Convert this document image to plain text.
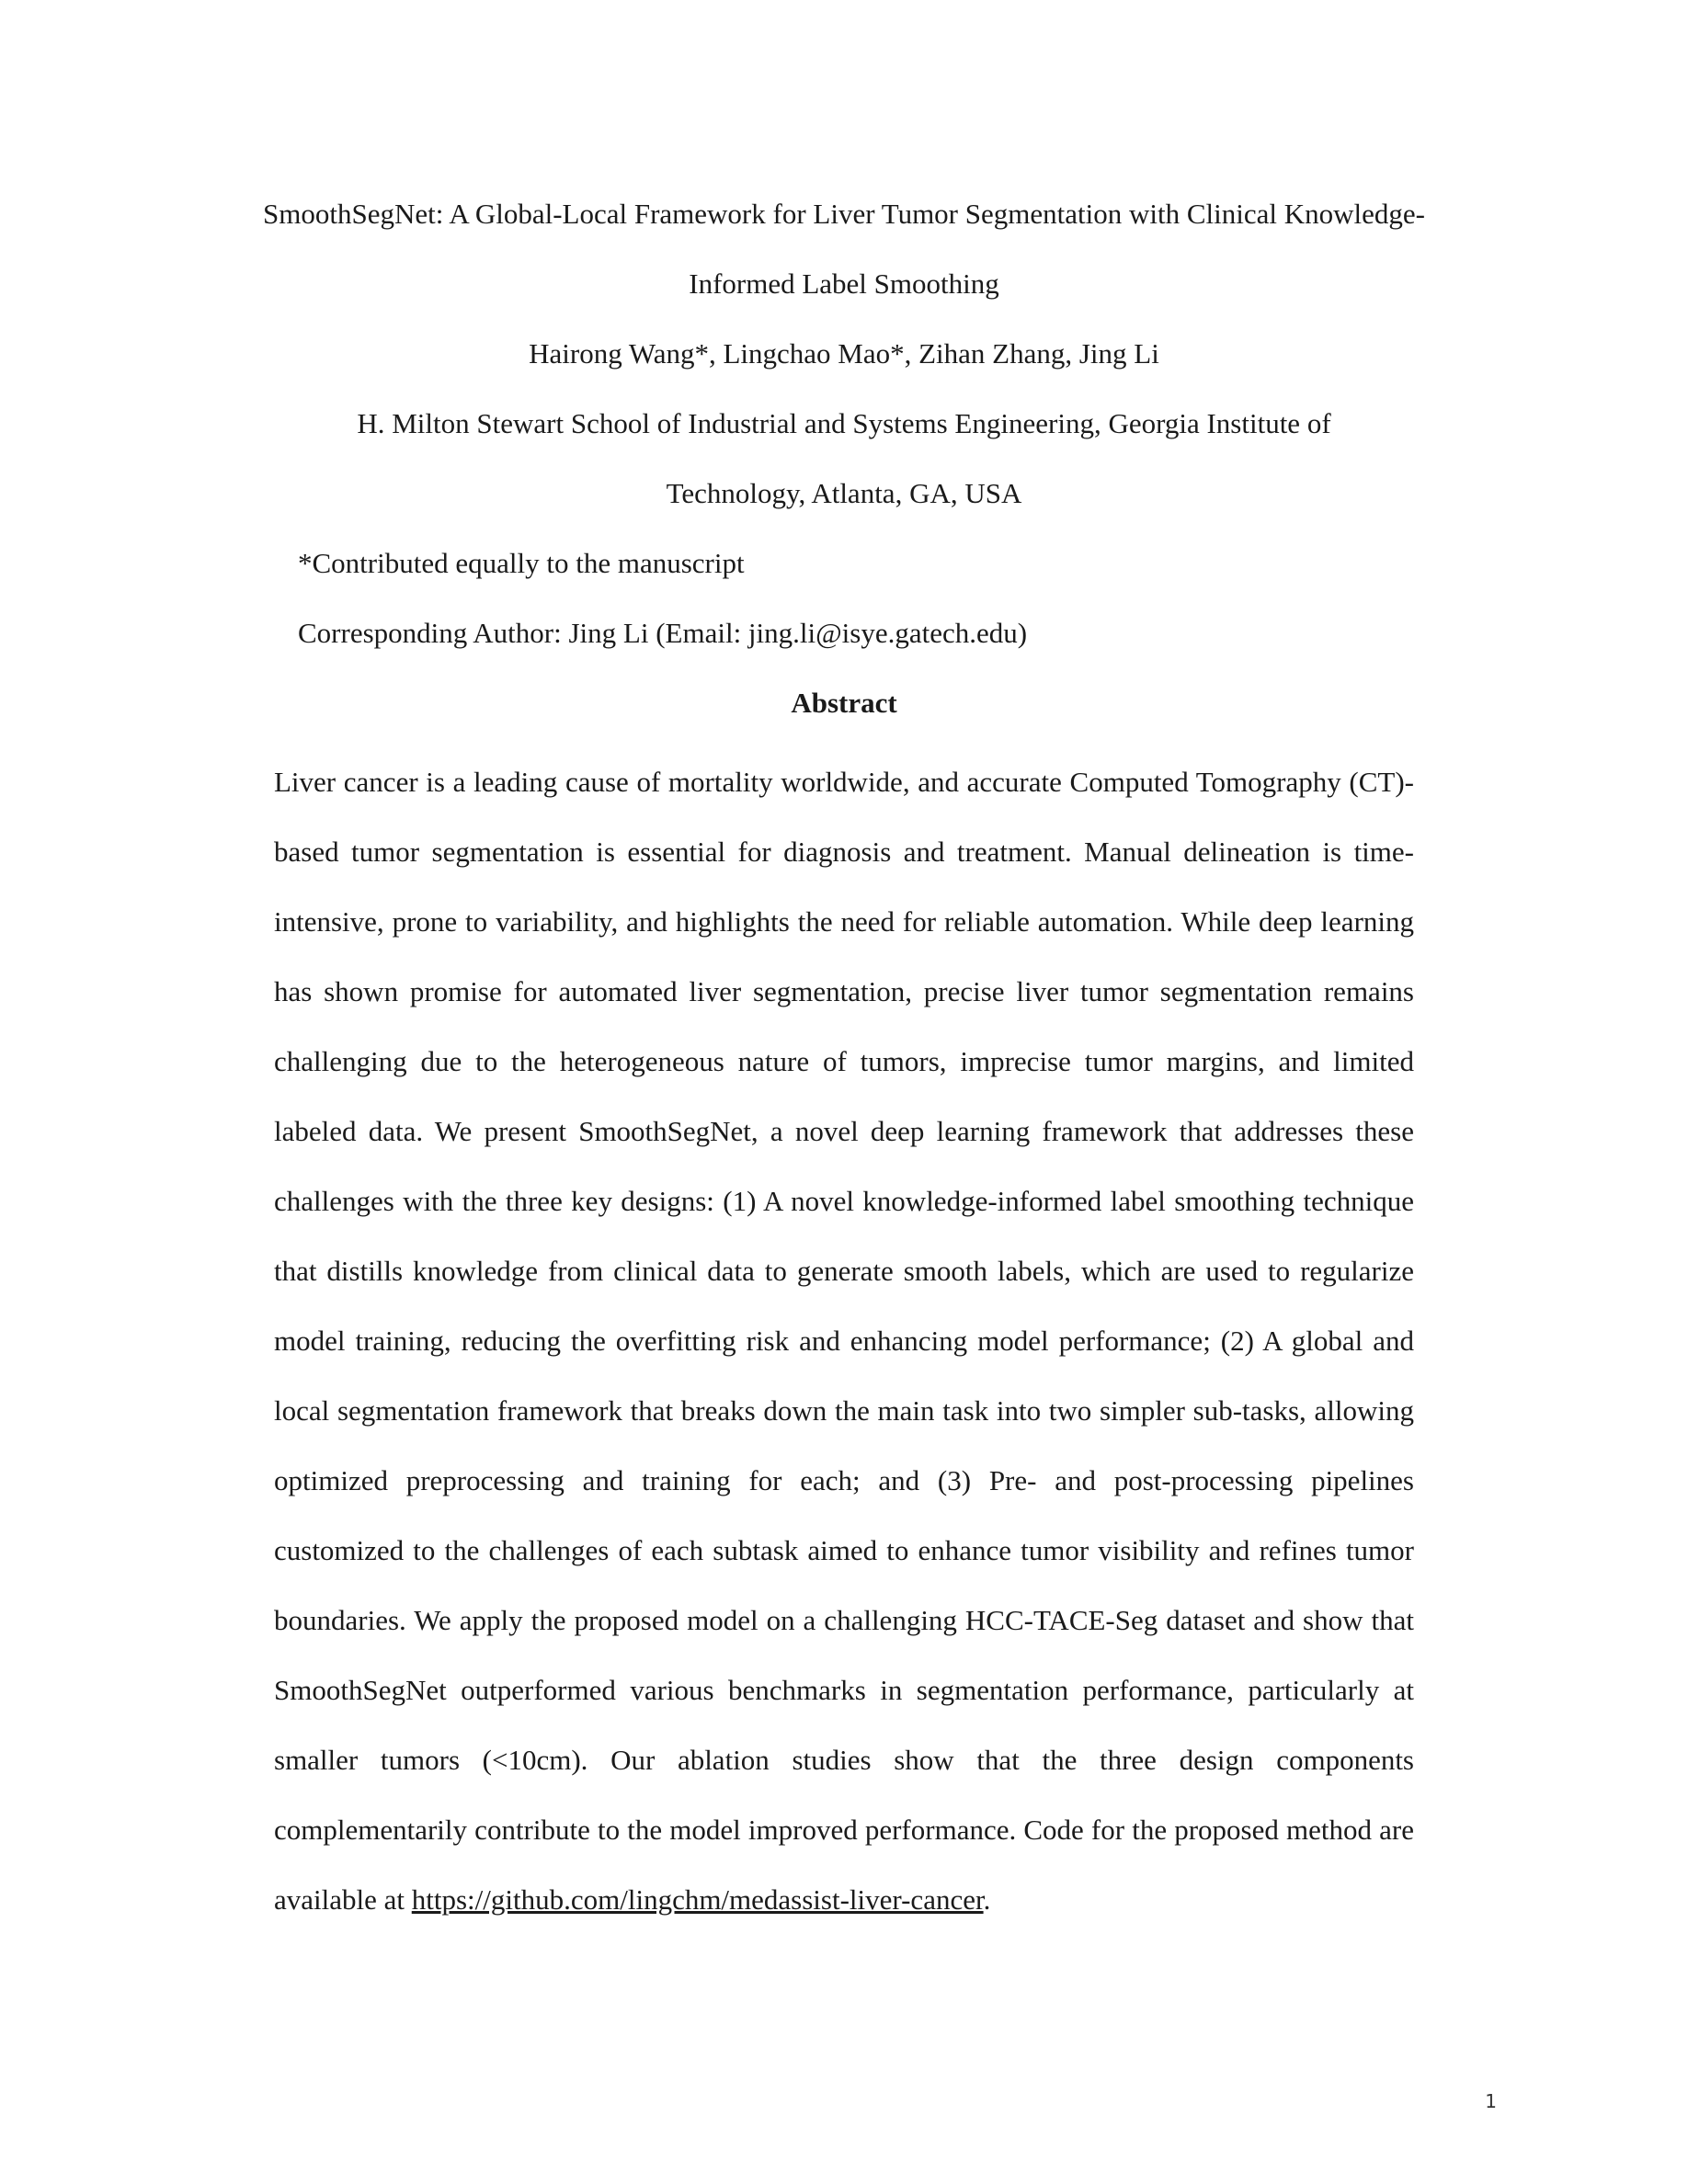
SmoothSegNet: A Global-Local Framework for Liver Tumor Segmentation with Clinical Knowledge-
Informed Label Smoothing
Hairong Wang*, Lingchao Mao*, Zihan Zhang, Jing Li
H. Milton Stewart School of Industrial and Systems Engineering, Georgia Institute of
Technology, Atlanta, GA, USA
*Contributed equally to the manuscript
Corresponding Author: Jing Li (Email: jing.li@isye.gatech.edu)
Abstract

Liver cancer is a leading cause of mortality worldwide, and accurate Computed Tomography (CT)-based tumor segmentation is essential for diagnosis and treatment. Manual delineation is time-intensive, prone to variability, and highlights the need for reliable automation. While deep learning has shown promise for automated liver segmentation, precise liver tumor segmentation remains challenging due to the heterogeneous nature of tumors, imprecise tumor margins, and limited labeled data. We present SmoothSegNet, a novel deep learning framework that addresses these challenges with the three key designs: (1) A novel knowledge-informed label smoothing technique that distills knowledge from clinical data to generate smooth labels, which are used to regularize model training, reducing the overfitting risk and enhancing model performance; (2) A global and local segmentation framework that breaks down the main task into two simpler sub-tasks, allowing optimized preprocessing and training for each; and (3) Pre- and post-processing pipelines customized to the challenges of each subtask aimed to enhance tumor visibility and refines tumor boundaries. We apply the proposed model on a challenging HCC-TACE-Seg dataset and show that SmoothSegNet outperformed various benchmarks in segmentation performance, particularly at smaller tumors (<10cm). Our ablation studies show that the three design components complementarily contribute to the model improved performance. Code for the proposed method are available at https://github.com/lingchm/medassist-liver-cancer.

1
